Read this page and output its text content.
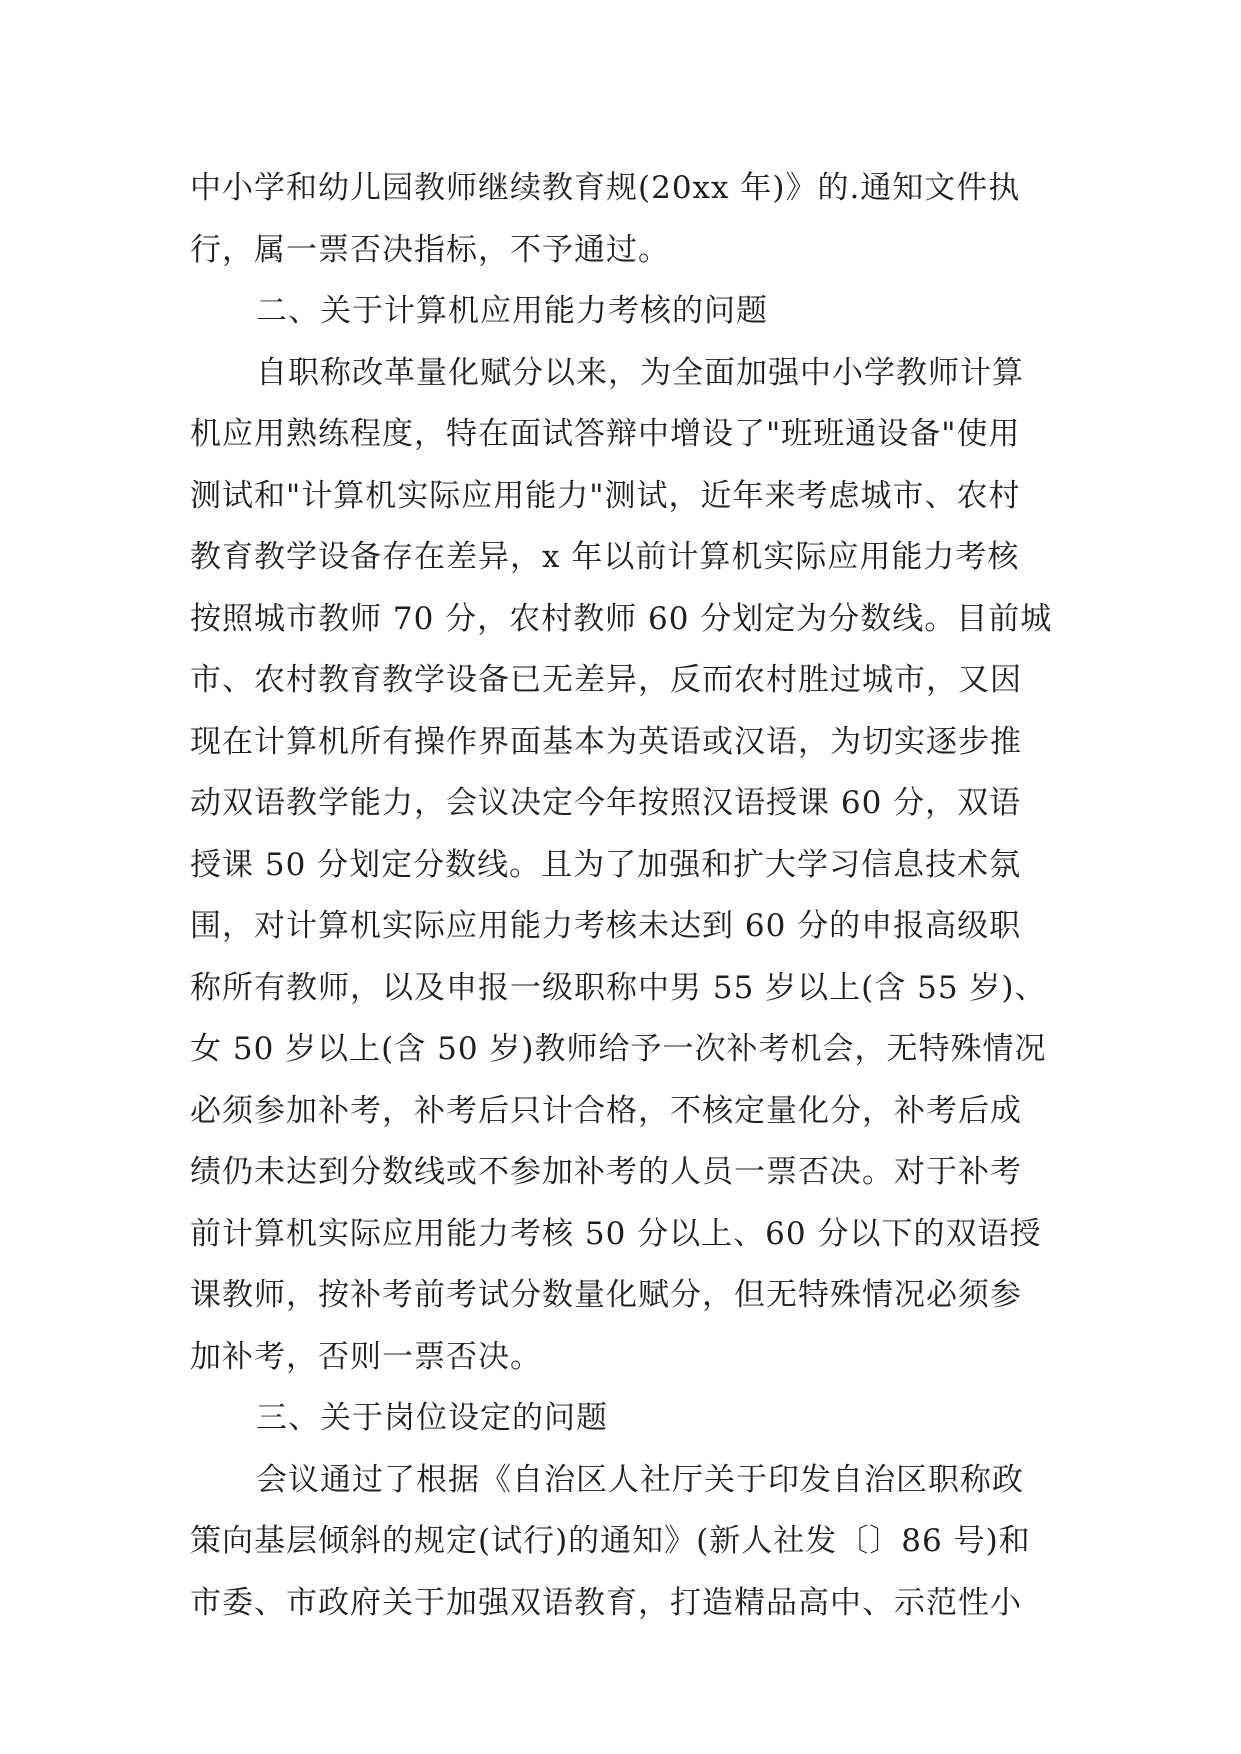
中小学和幼儿园教师继续教育规(20xx 年)》的.通知文件执
行，属一票否决指标，不予通过。
二、关于计算机应用能力考核的问题
自职称改革量化赋分以来，为全面加强中小学教师计算
机应用熟练程度，特在面试答辩中增设了"班班通设备"使用
测试和"计算机实际应用能力"测试，近年来考虑城市、农村
教育教学设备存在差异，x 年以前计算机实际应用能力考核
按照城市教师 70 分，农村教师 60 分划定为分数线。目前城
市、农村教育教学设备已无差异，反而农村胜过城市，又因
现在计算机所有操作界面基本为英语或汉语，为切实逐步推
动双语教学能力，会议决定今年按照汉语授课 60 分，双语
授课 50 分划定分数线。且为了加强和扩大学习信息技术氛
围，对计算机实际应用能力考核未达到 60 分的申报高级职
称所有教师，以及申报一级职称中男 55 岁以上(含 55 岁)、
女 50 岁以上(含 50 岁)教师给予一次补考机会，无特殊情况
必须参加补考，补考后只计合格，不核定量化分，补考后成
绩仍未达到分数线或不参加补考的人员一票否决。对于补考
前计算机实际应用能力考核 50 分以上、60 分以下的双语授
课教师，按补考前考试分数量化赋分，但无特殊情况必须参
加补考，否则一票否决。
三、关于岗位设定的问题
会议通过了根据《自治区人社厅关于印发自治区职称政
策向基层倾斜的规定(试行)的通知》(新人社发〔〕86 号)和
市委、市政府关于加强双语教育，打造精品高中、示范性小
